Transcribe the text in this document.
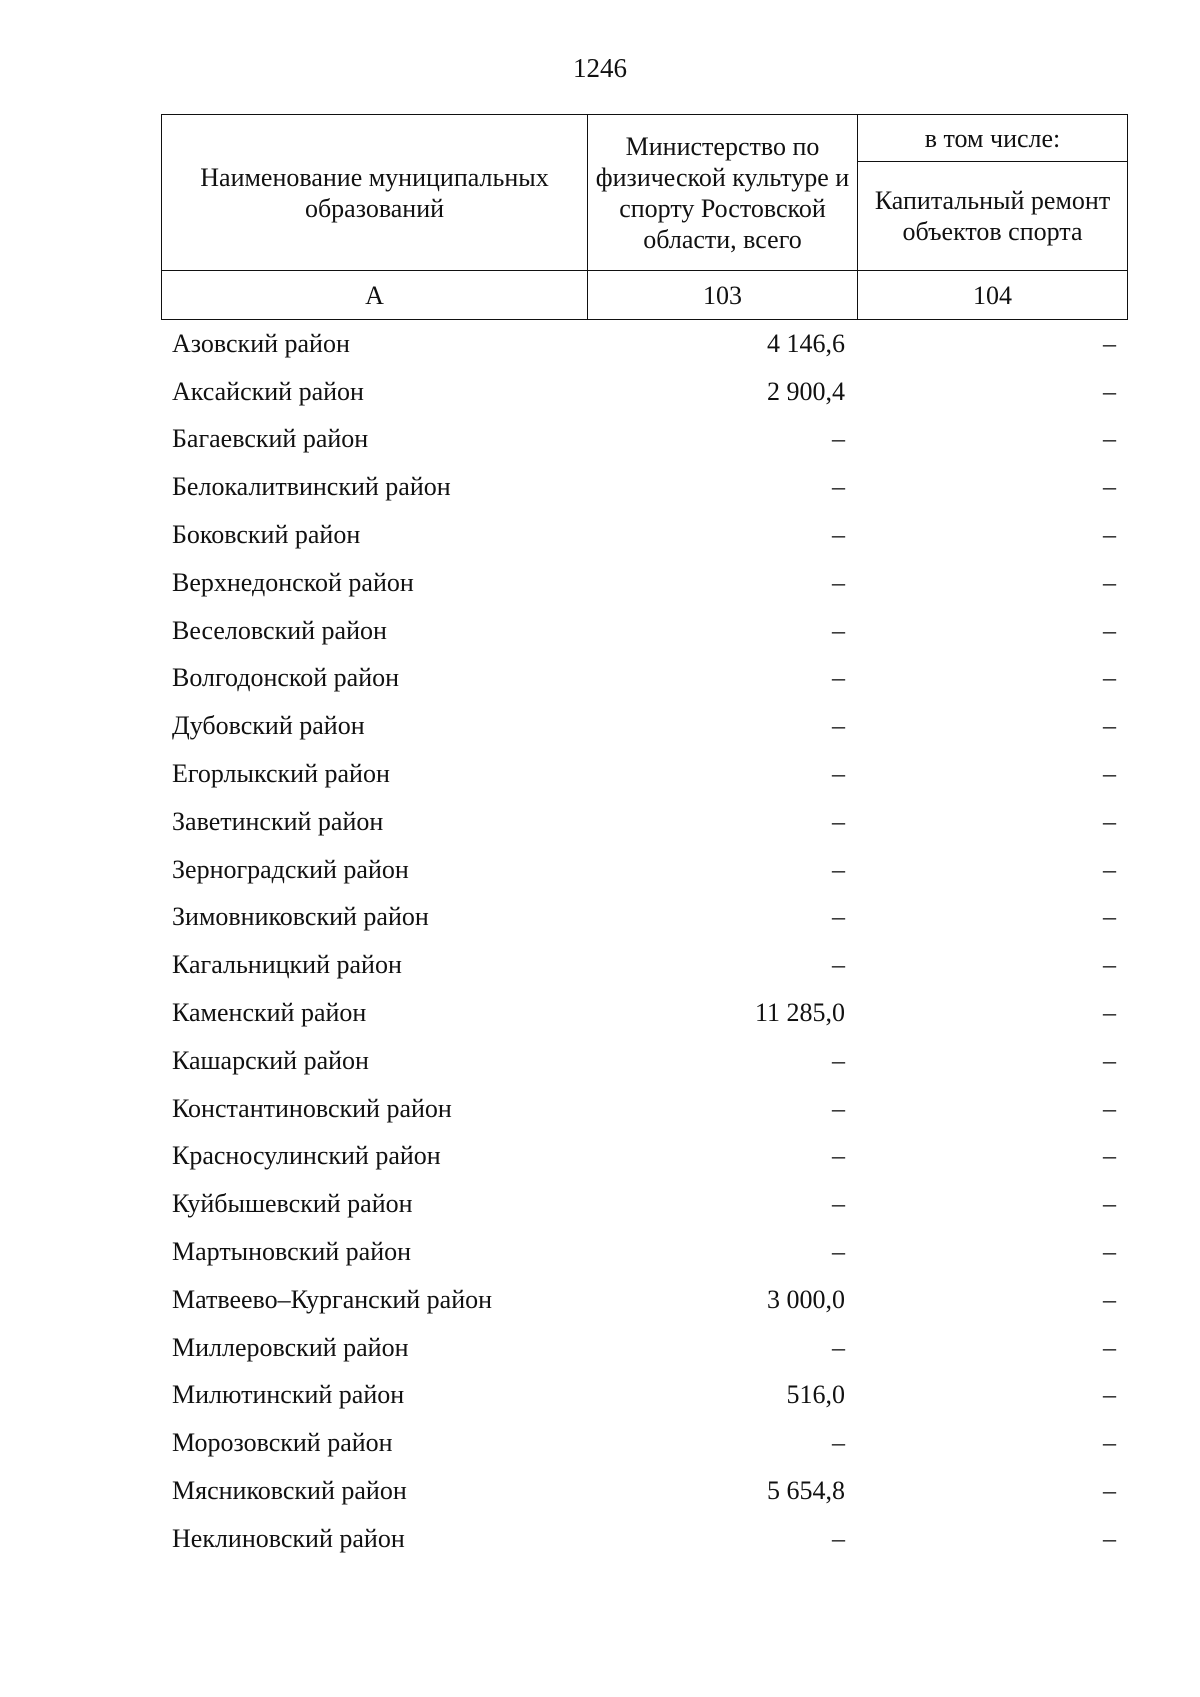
1246
Наименование муниципальных образований	Министерство по физической культуре и спорту Ростовской области, всего	в том числе:
		Капитальный ремонт объектов спорта
А	103	104
Азовский район	4 146,6	–
Аксайский район	2 900,4	–
Багаевский район	–	–
Белокалитвинский район	–	–
Боковский район	–	–
Верхнедонской район	–	–
Веселовский район	–	–
Волгодонской район	–	–
Дубовский район	–	–
Егорлыкский район	–	–
Заветинский район	–	–
Зерноградский район	–	–
Зимовниковский район	–	–
Кагальницкий район	–	–
Каменский район	11 285,0	–
Кашарский район	–	–
Константиновский район	–	–
Красносулинский район	–	–
Куйбышевский район	–	–
Мартыновский район	–	–
Матвеево–Курганский район	3 000,0	–
Миллеровский район	–	–
Милютинский район	516,0	–
Морозовский район	–	–
Мясниковский район	5 654,8	–
Неклиновский район	–	–
